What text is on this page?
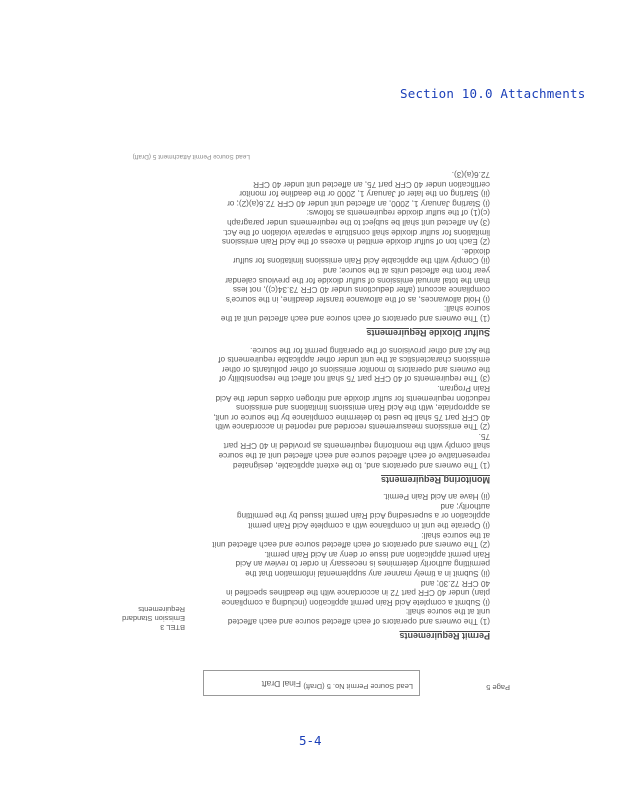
Section 10.0 Attachments
Page 5
Lead Source Permit No. 5 (Draft)
Final Draft
BTEL 3
Emission Standard
Requirements
Permit Requirements
(1) The owners and operators of each affected source and each affected
unit at the source shall:
(i) Submit a complete Acid Rain permit application (including a compliance
plan) under 40 CFR part 72 in accordance with the deadlines specified in
40 CFR 72.30; and
(ii) Submit in a timely manner any supplemental information that the
permitting authority determines is necessary in order to review an Acid
Rain permit application and issue or deny an Acid Rain permit.
(2) The owners and operators of each affected source and each affected unit
at the source shall:
(i) Operate the unit in compliance with a complete Acid Rain permit
application or a superseding Acid Rain permit issued by the permitting
authority; and
(ii) Have an Acid Rain Permit.
Monitoring Requirements
(1) The owners and operators and, to the extent applicable, designated
representative of each affected source and each affected unit at the source
shall comply with the monitoring requirements as provided in 40 CFR part
75.
(2) The emissions measurements recorded and reported in accordance with
40 CFR part 75 shall be used to determine compliance by the source or unit,
as appropriate, with the Acid Rain emissions limitations and emissions
reduction requirements for sulfur dioxide and nitrogen oxides under the Acid
Rain Program.
(3) The requirements of 40 CFR part 75 shall not affect the responsibility of
the owners and operators to monitor emissions of other pollutants or other
emissions characteristics at the unit under other applicable requirements of
the Act and other provisions of the operating permit for the source.
Sulfur Dioxide Requirements
(1) The owners and operators of each source and each affected unit at the
source shall:
(i) Hold allowances, as of the allowance transfer deadline, in the source's
compliance account (after deductions under 40 CFR 73.34(c)), not less
than the total annual emissions of sulfur dioxide for the previous calendar
year from the affected units at the source; and
(ii) Comply with the applicable Acid Rain emissions limitations for sulfur
dioxide.
(2) Each ton of sulfur dioxide emitted in excess of the Acid Rain emissions
limitations for sulfur dioxide shall constitute a separate violation of the Act.
(3) An affected unit shall be subject to the requirements under paragraph
(c)(1) of the sulfur dioxide requirements as follows:
(i) Starting January 1, 2000, an affected unit under 40 CFR 72.6(a)(2); or
(ii) Starting on the later of January 1, 2000 or the deadline for monitor
certification under 40 CFR part 75, an affected unit under 40 CFR
72.6(a)(3).
Lead Source Permit Attachment 5 (Draft)
5-4
